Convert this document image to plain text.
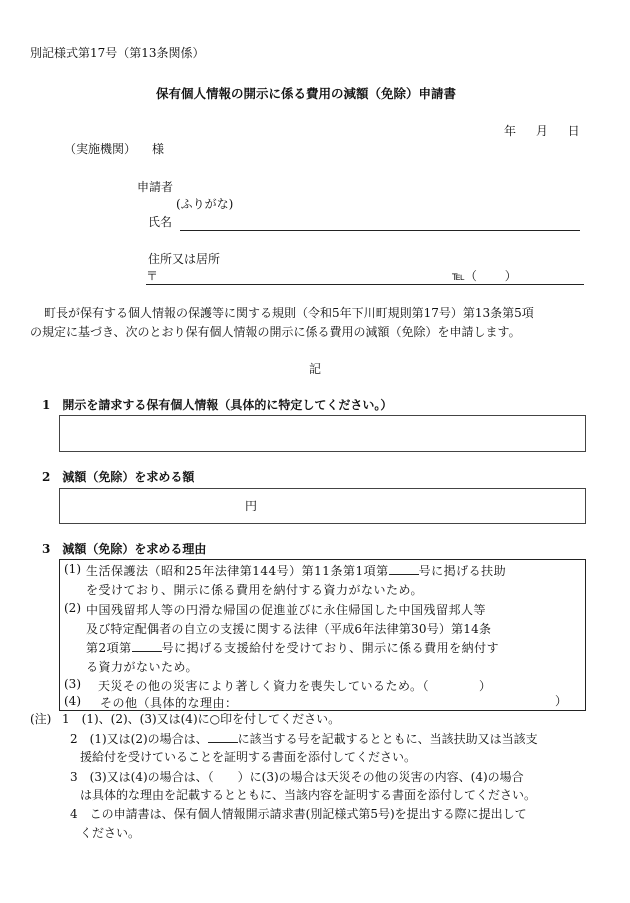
別記様式第17号（第13条関係）
保有個人情報の開示に係る費用の減額（免除）申請書
年　 月　 日
（実施機関） 様
申請者
(ふりがな)
氏名
住所又は居所
〒	℡（　　 ）
町長が保有する個人情報の保護等に関する規則（令和5年下川町規則第17号）第13条第5項
の規定に基づき、次のとおり保有個人情報の開示に係る費用の減額（免除）を申請します。
記
1　開示を請求する保有個人情報（具体的に特定してください。）
2　減額（免除）を求める額
円
3　減額（免除）を求める理由
(1) 生活保護法（昭和25年法律第144号）第11条第1項第	号に掲げる扶助
を受けており、開示に係る費用を納付する資力がないため。
(2) 中国残留邦人等の円滑な帰国の促進並びに永住帰国した中国残留邦人等
及び特定配偶者の自立の支援に関する法律（平成6年法律第30号）第14条
第2項第	号に掲げる支援給付を受けており、開示に係る費用を納付す
る資力がないため。
(3) 天災その他の災害により著しく資力を喪失しているため。（　　　　）
(4) その他（具体的な理由：	）
(注) 1　(1)、(2)、(3)又は(4)に○印を付してください。
2　(1)又は(2)の場合は、	に該当する号を記載するとともに、当該扶助又は当該支
援給付を受けていることを証明する書面を添付してください。
3　(3)又は(4)の場合は、（　　）に(3)の場合は天災その他の災害の内容、(4)の場合
は具体的な理由を記載するとともに、当該内容を証明する書面を添付してください。
4　この申請書は、保有個人情報開示請求書(別記様式第5号)を提出する際に提出して
ください。
